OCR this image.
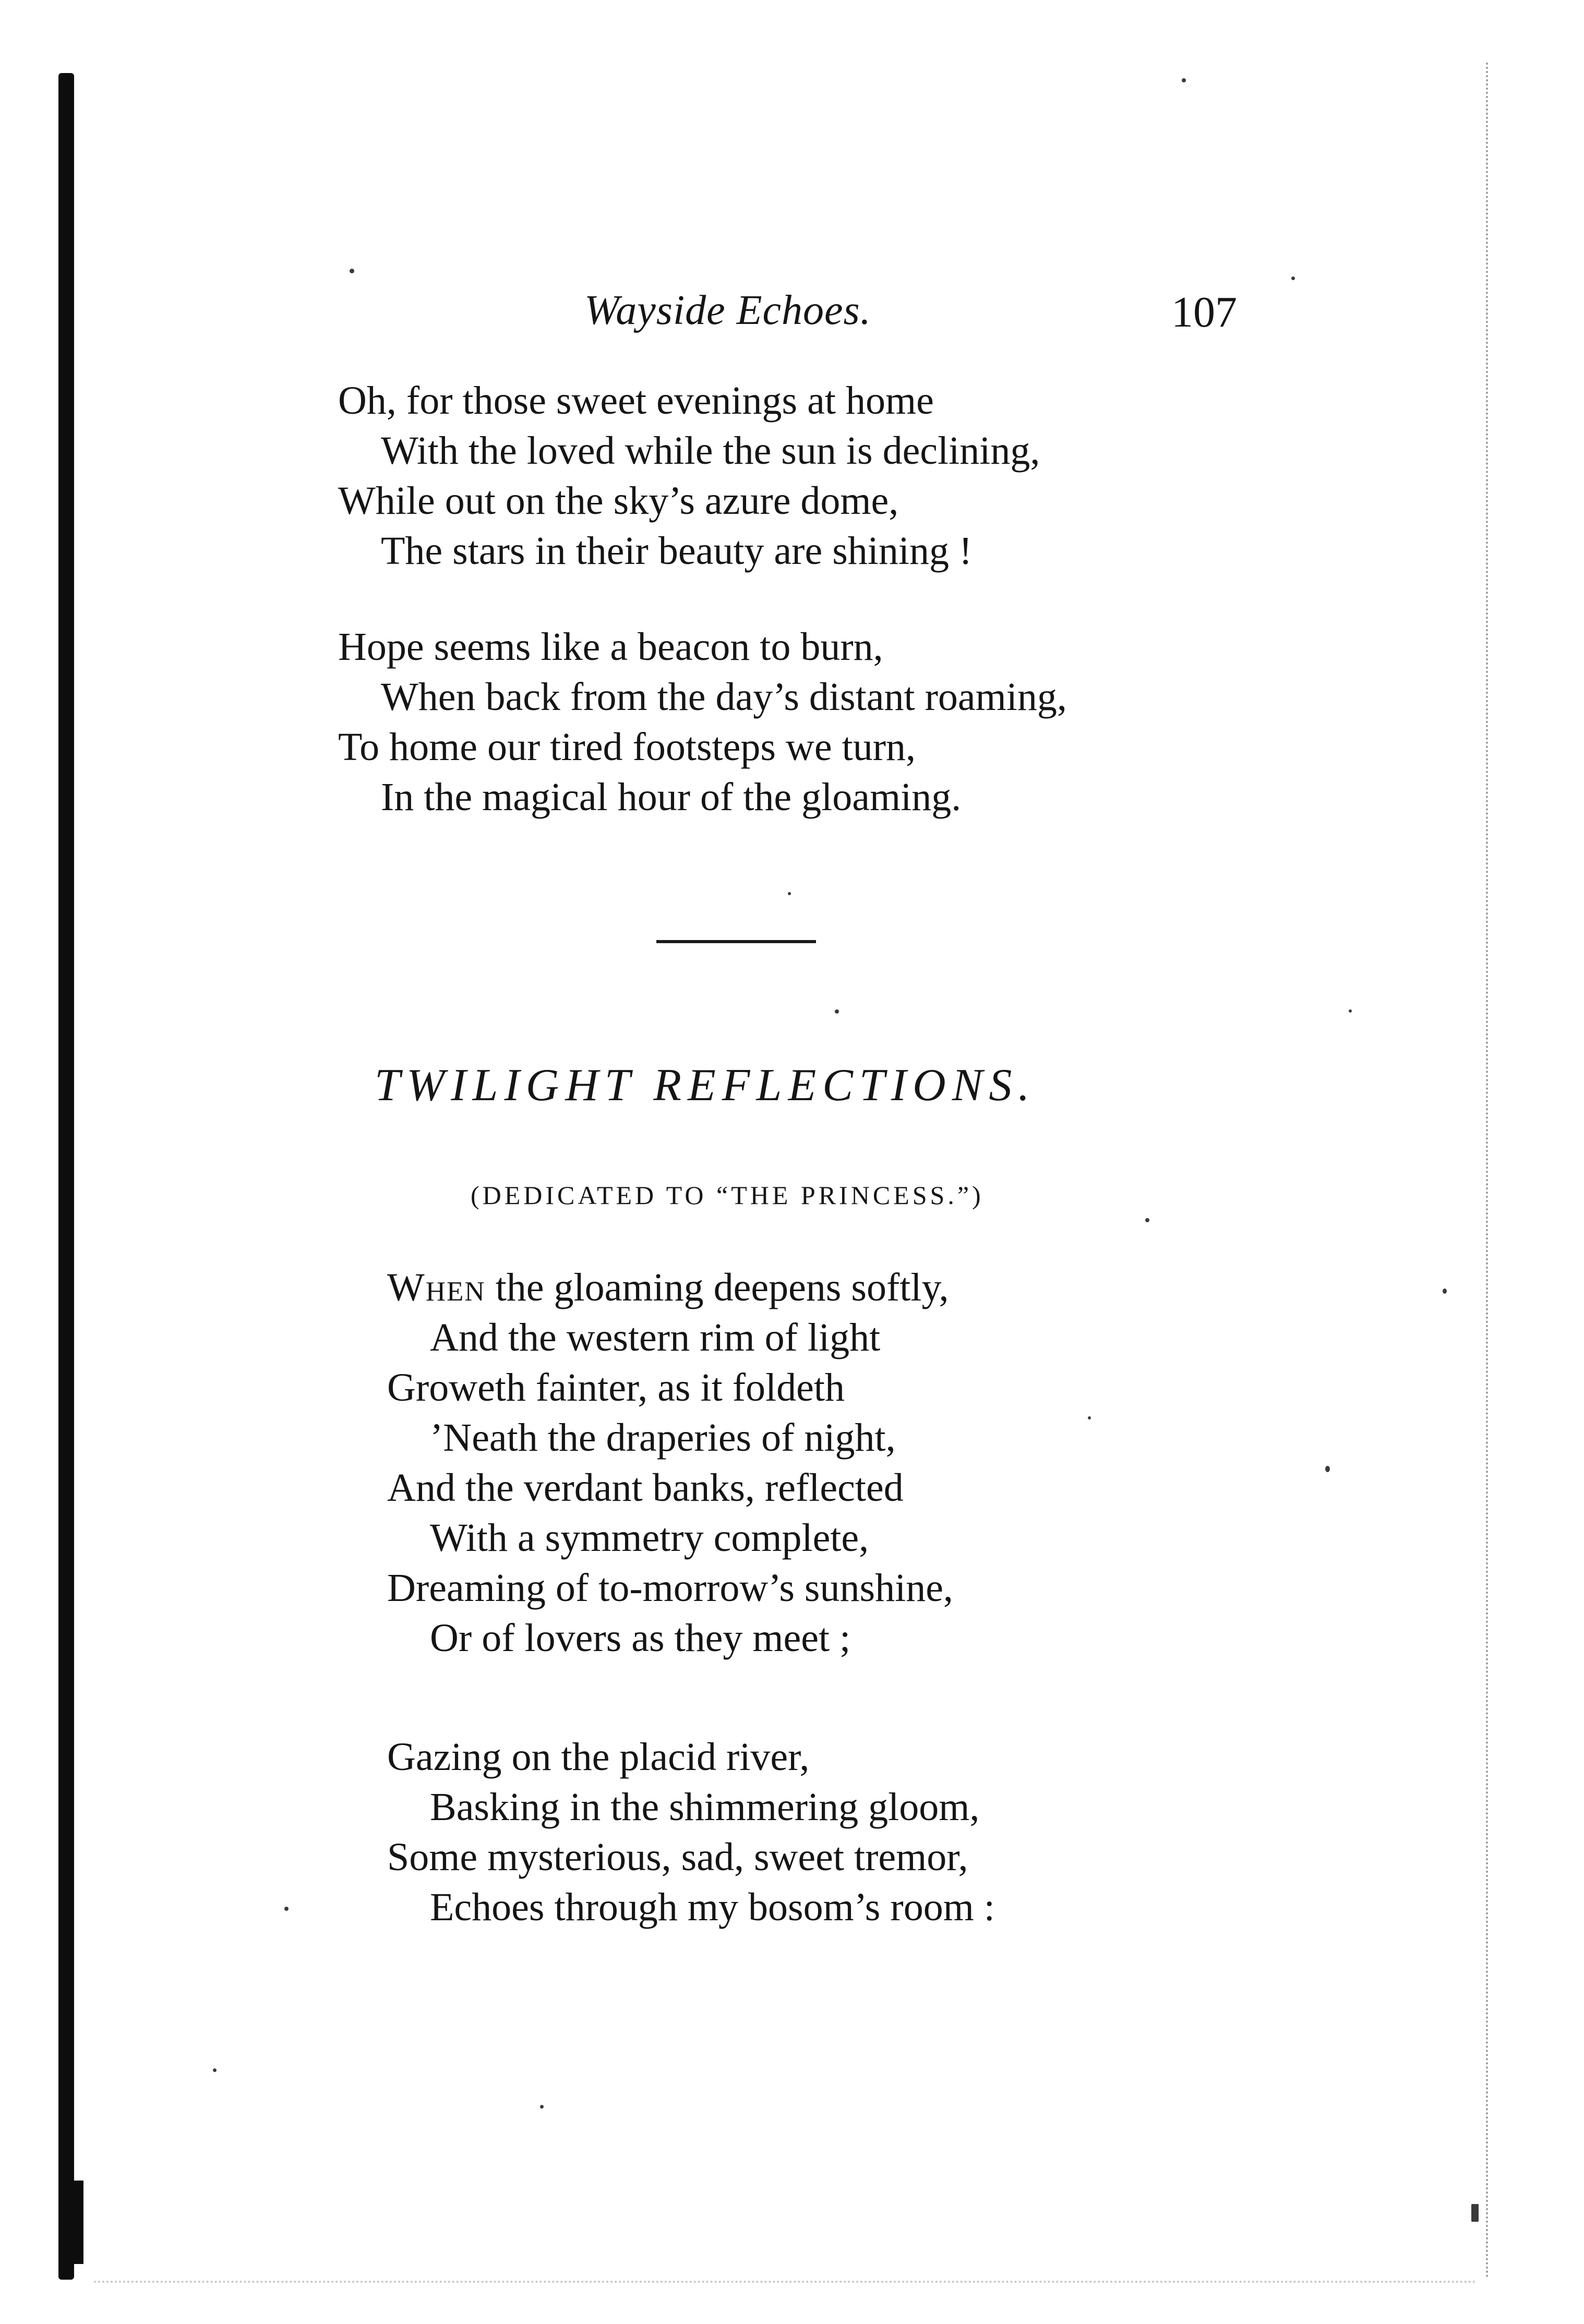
Wayside Echoes.	107
Oh, for those sweet evenings at home
With the loved while the sun is declining,
While out on the sky’s azure dome,
The stars in their beauty are shining !
Hope seems like a beacon to burn,
When back from the day’s distant roaming,
To home our tired footsteps we turn,
In the magical hour of the gloaming.
TWILIGHT REFLECTIONS.
(DEDICATED TO “THE PRINCESS.”)
When the gloaming deepens softly,
And the western rim of light
Groweth fainter, as it foldeth
’Neath the draperies of night,
And the verdant banks, reflected
With a symmetry complete,
Dreaming of to-morrow’s sunshine,
Or of lovers as they meet ;
Gazing on the placid river,
Basking in the shimmering gloom,
Some mysterious, sad, sweet tremor,
Echoes through my bosom’s room :
